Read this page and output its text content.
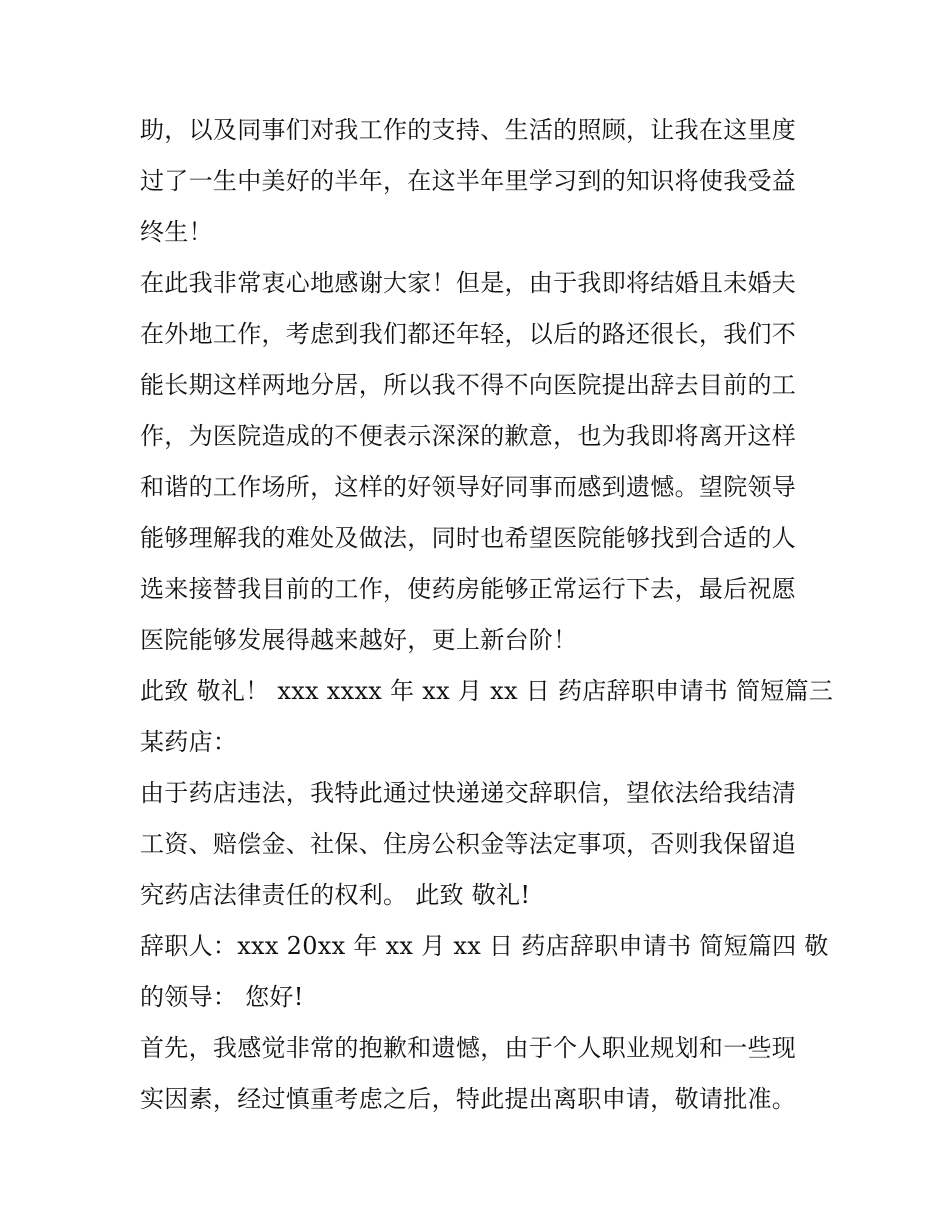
助，以及同事们对我工作的支持、生活的照顾，让我在这里度
过了一生中美好的半年，在这半年里学习到的知识将使我受益
终生！
在此我非常衷心地感谢大家！但是，由于我即将结婚且未婚夫
在外地工作，考虑到我们都还年轻，以后的路还很长，我们不
能长期这样两地分居，所以我不得不向医院提出辞去目前的工
作，为医院造成的不便表示深深的歉意，也为我即将离开这样
和谐的工作场所，这样的好领导好同事而感到遗憾。望院领导
能够理解我的难处及做法，同时也希望医院能够找到合适的人
选来接替我目前的工作，使药房能够正常运行下去，最后祝愿
医院能够发展得越来越好，更上新台阶！
此致 敬礼！ xxx xxxx 年 xx 月 xx 日 药店辞职申请书 简短篇三
某药店：
由于药店违法，我特此通过快递递交辞职信，望依法给我结清
工资、赔偿金、社保、住房公积金等法定事项，否则我保留追
究药店法律责任的权利。 此致 敬礼!
辞职人：xxx 20xx 年 xx 月 xx 日 药店辞职申请书 简短篇四 敬
的领导： 您好!
首先，我感觉非常的抱歉和遗憾，由于个人职业规划和一些现
实因素，经过慎重考虑之后，特此提出离职申请，敬请批准。
